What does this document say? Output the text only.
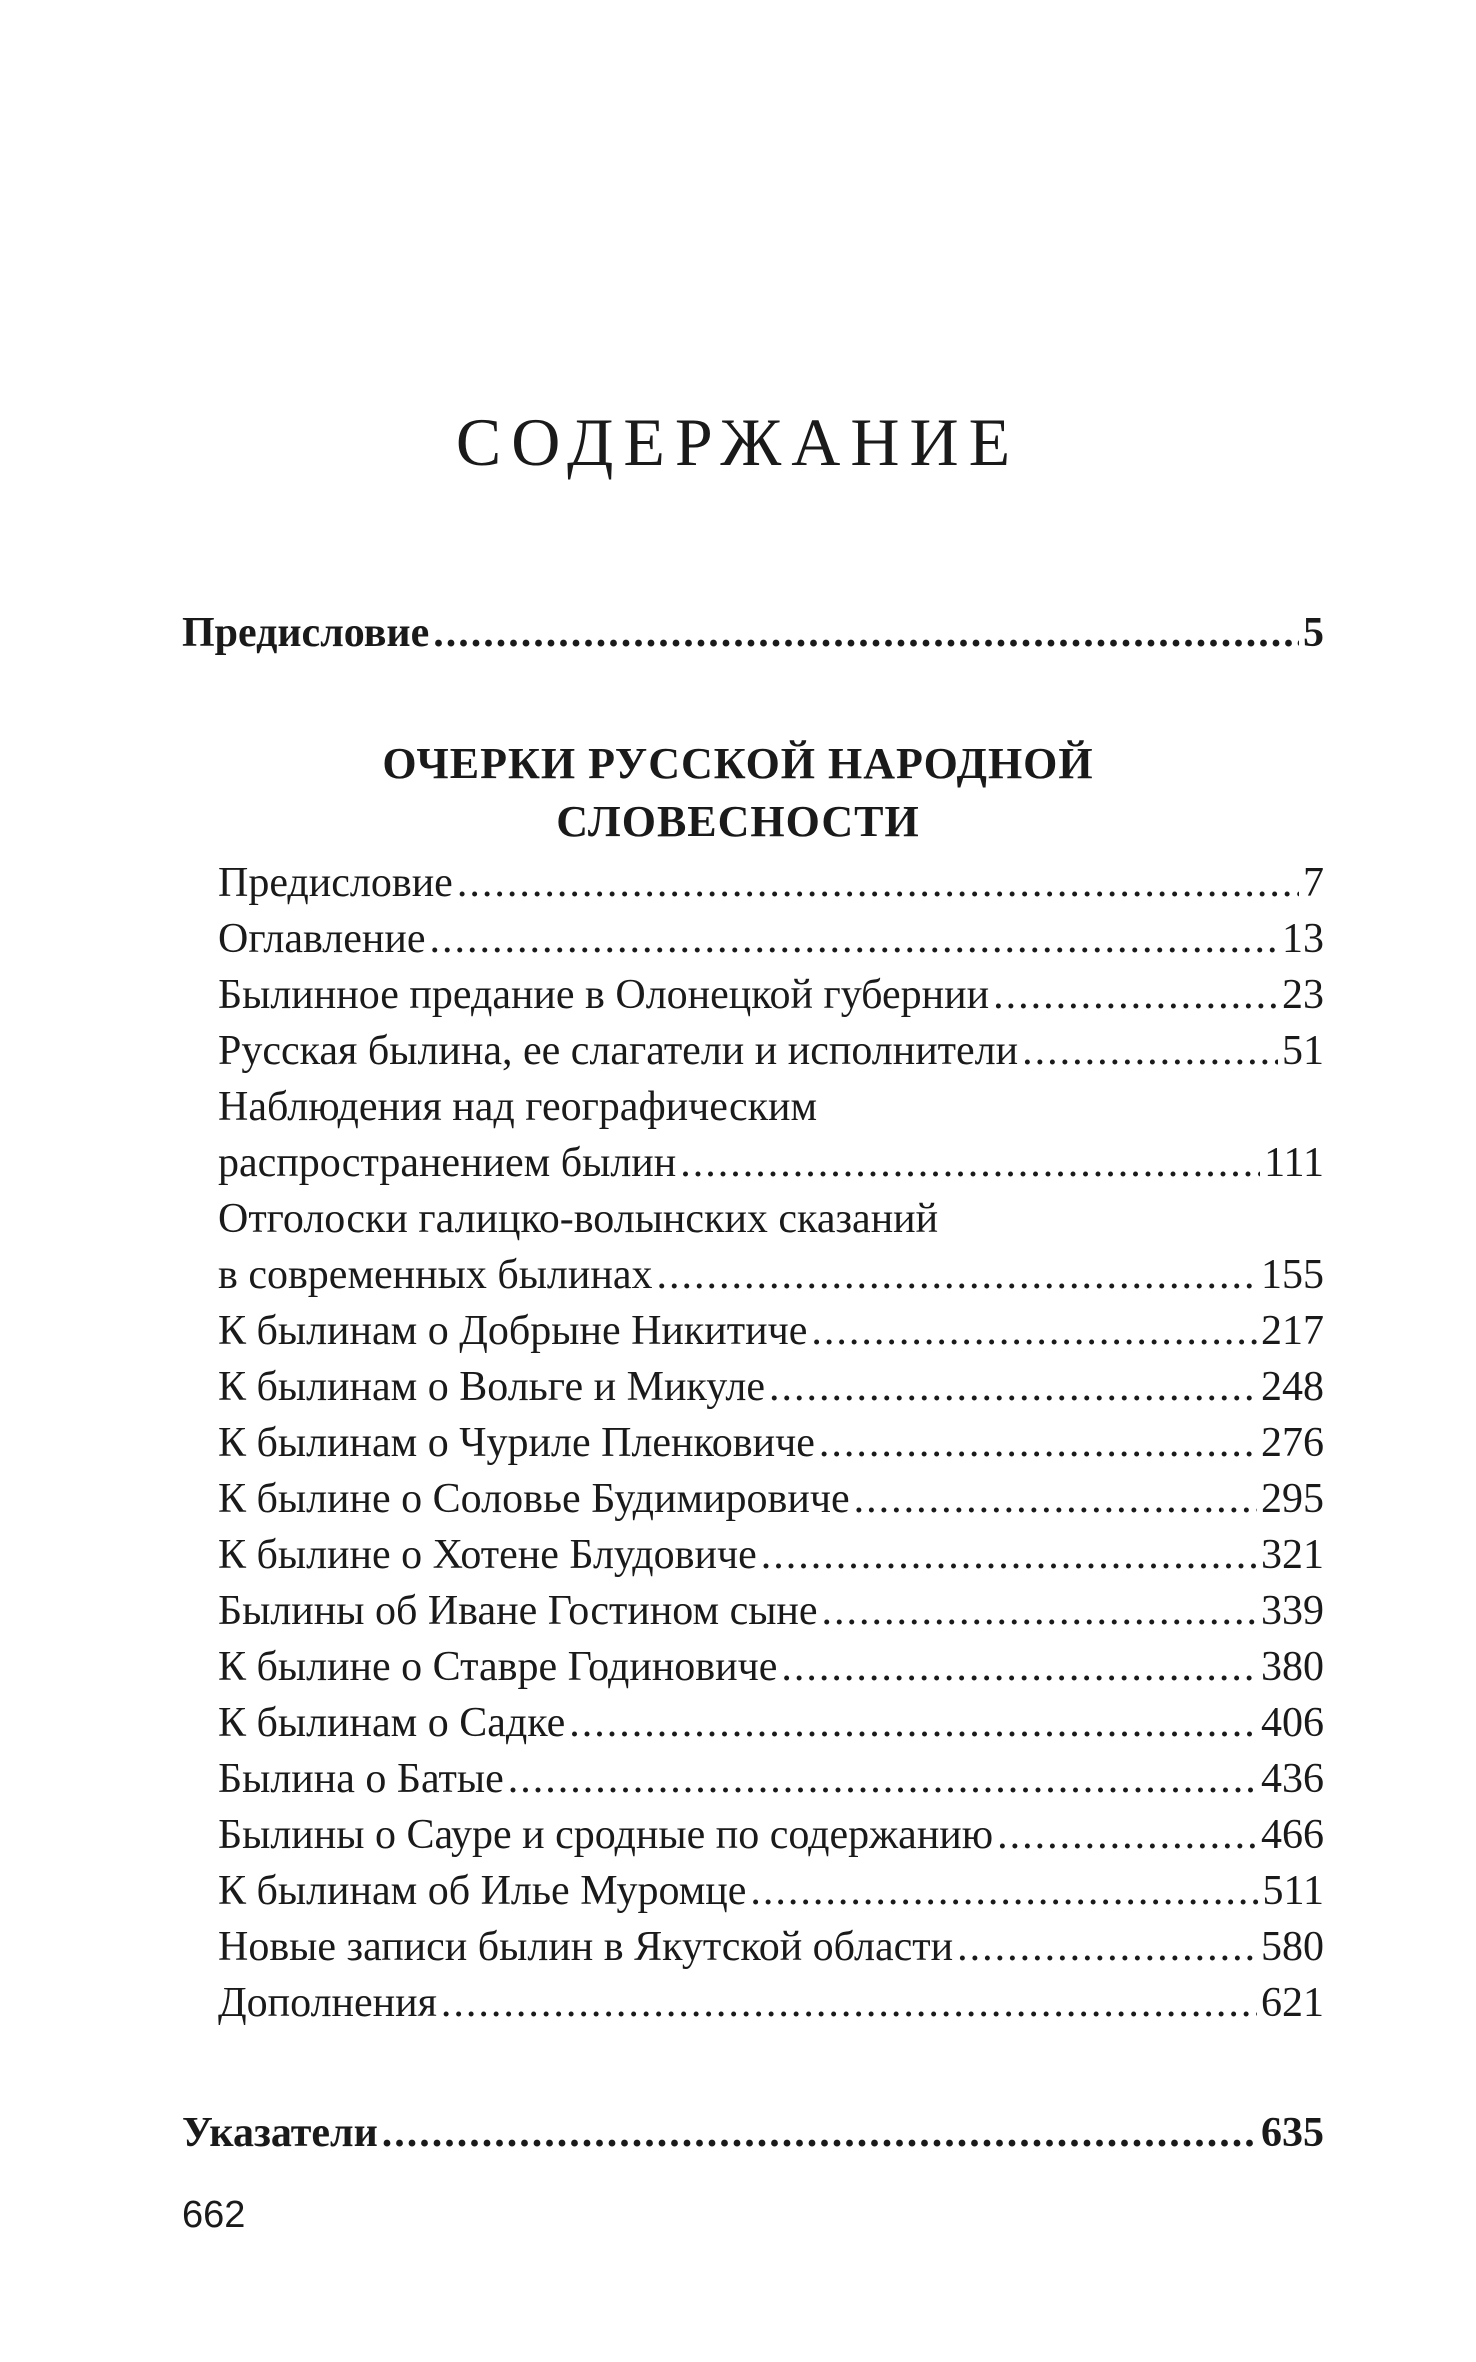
СОДЕРЖАНИЕ
Предисловие .....	5
ОЧЕРКИ РУССКОЙ НАРОДНОЙ
СЛОВЕСНОСТИ
Предисловие .....	7
Оглавление .....	13
Былинное предание в Олонецкой губернии .....	23
Русская былина, ее слагатели и исполнители .....	51
Наблюдения над географическим
распространением былин .....	111
Отголоски галицко-волынских сказаний
в современных былинах .....	155
К былинам о Добрыне Никитиче .....	217
К былинам о Вольге и Микуле .....	248
К былинам о Чуриле Пленковиче .....	276
К былине о Соловье Будимировиче .....	295
К былине о Хотене Блудовиче .....	321
Былины об Иване Гостином сыне .....	339
К былине о Ставре Годиновиче .....	380
К былинам о Садке .....	406
Былина о Батые .....	436
Былины о Сауре и сродные по содержанию .....	466
К былинам об Илье Муромце .....	511
Новые записи былин в Якутской области .....	580
Дополнения .....	621
Указатели .....	635
662
